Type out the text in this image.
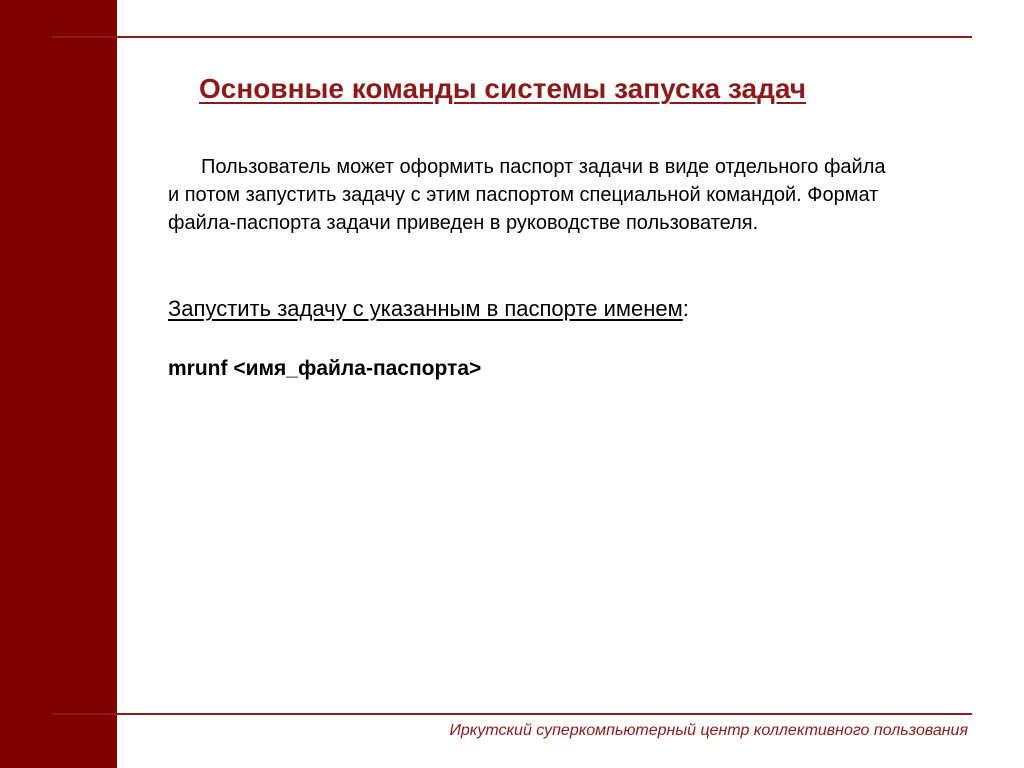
Основные команды системы запуска задач

Пользователь может оформить паспорт задачи в виде отдельного файла и потом запустить задачу с этим паспортом специальной командой. Формат файла-паспорта задачи приведен в руководстве пользователя.

Запустить задачу с указанным в паспорте именем:

mrunf <имя_файла-паспорта>

Иркутский суперкомпьютерный центр коллективного пользования
